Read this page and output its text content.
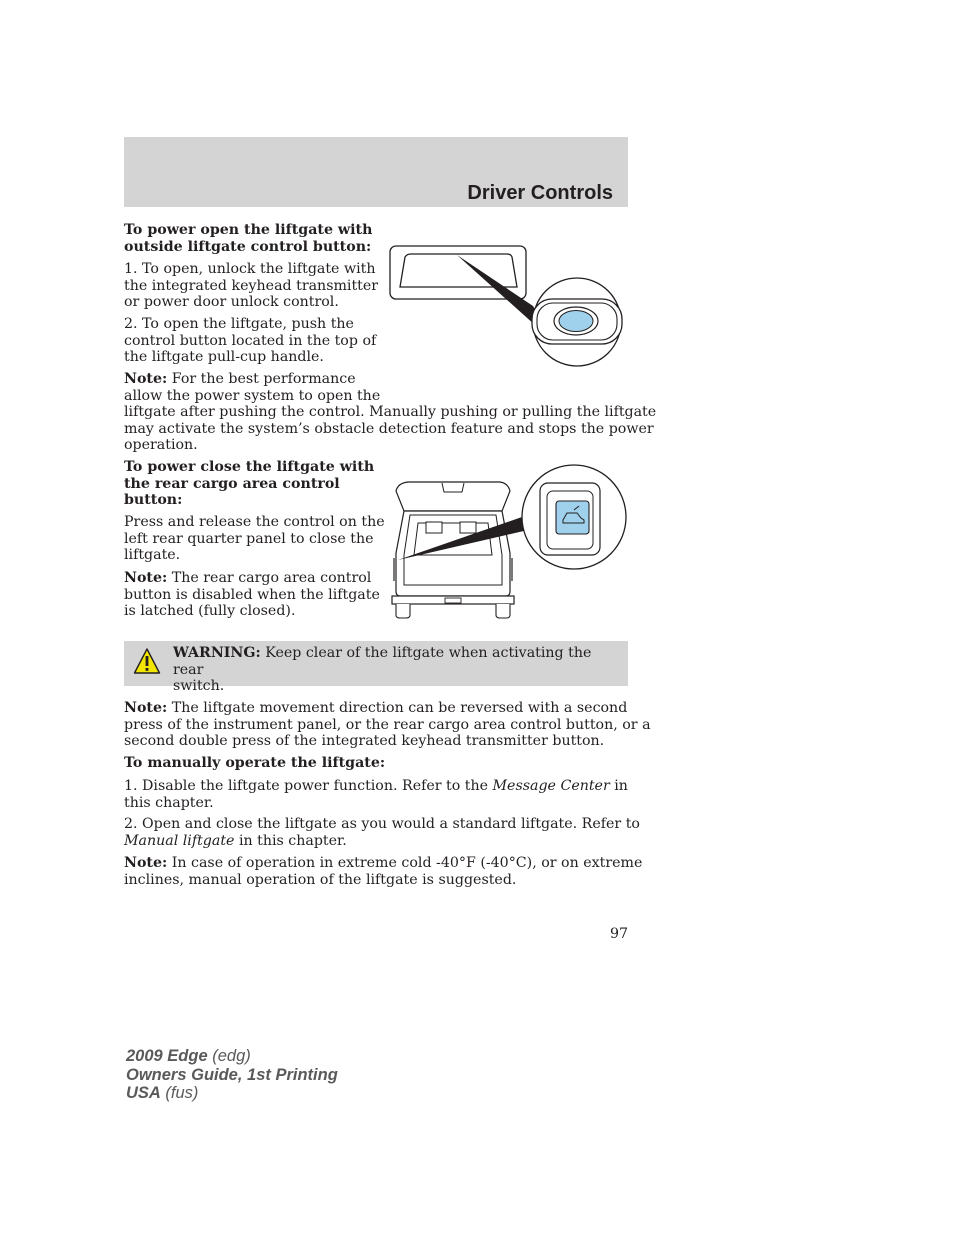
Driver Controls
To power open the liftgate with
outside liftgate control button:
1. To open, unlock the liftgate with
the integrated keyhead transmitter
or power door unlock control.
2. To open the liftgate, push the
control button located in the top of
the liftgate pull-cup handle.
Note: For the best performance
allow the power system to open the
liftgate after pushing the control. Manually pushing or pulling the liftgate
may activate the system’s obstacle detection feature and stops the power
operation.
To power close the liftgate with
the rear cargo area control
button:
Press and release the control on the
left rear quarter panel to close the
liftgate.
Note: The rear cargo area control
button is disabled when the liftgate
is latched (fully closed).
WARNING: Keep clear of the liftgate when activating the rear
switch.
Note: The liftgate movement direction can be reversed with a second
press of the instrument panel, or the rear cargo area control button, or a
second double press of the integrated keyhead transmitter button.
To manually operate the liftgate:
1. Disable the liftgate power function. Refer to the Message Center in
this chapter.
2. Open and close the liftgate as you would a standard liftgate. Refer to
Manual liftgate in this chapter.
Note: In case of operation in extreme cold -40°F (-40°C), or on extreme
inclines, manual operation of the liftgate is suggested.
97
2009 Edge (edg)
Owners Guide, 1st Printing
USA (fus)
